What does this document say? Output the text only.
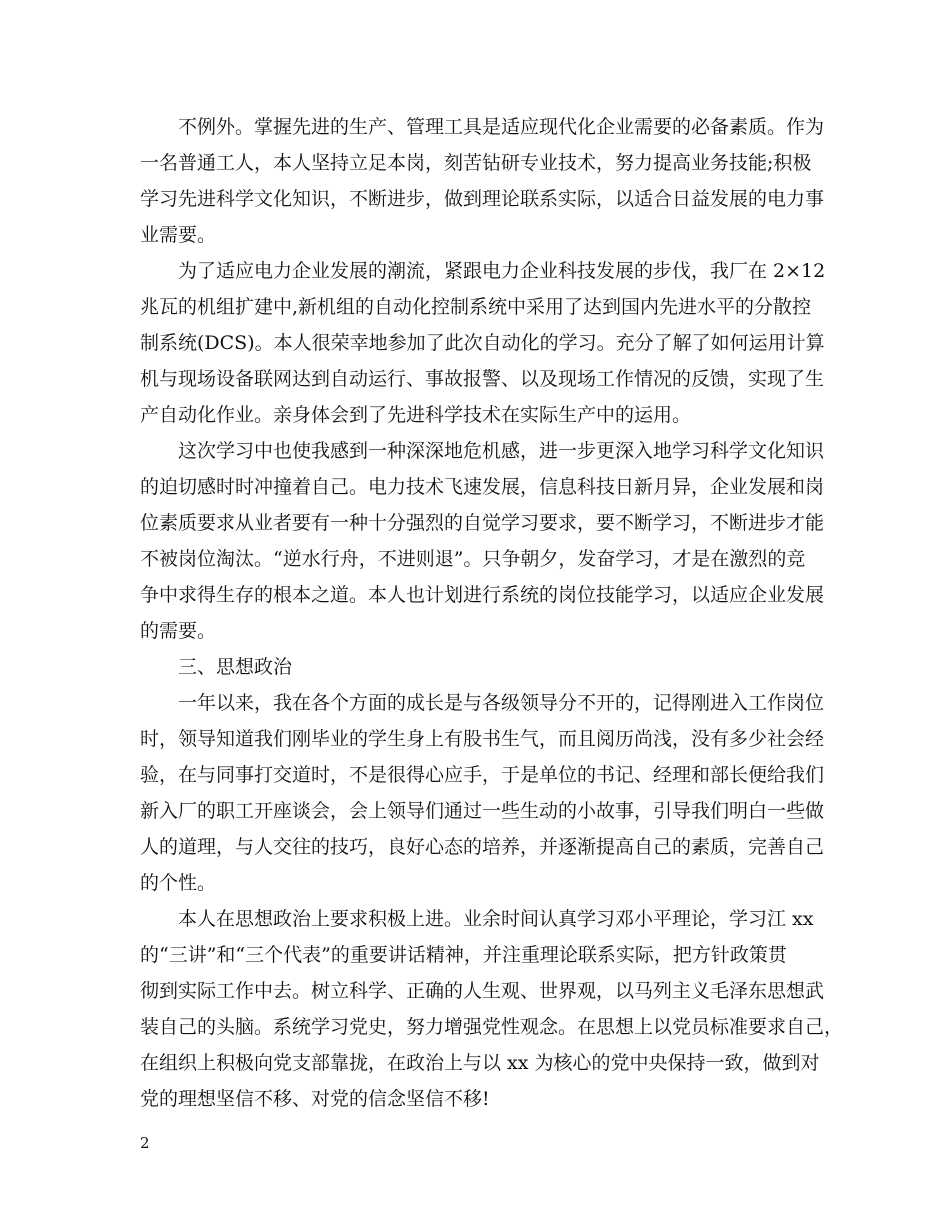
　　不例外。掌握先进的生产、管理工具是适应现代化企业需要的必备素质。作为
一名普通工人，本人坚持立足本岗，刻苦钻研专业技术，努力提高业务技能;积极
学习先进科学文化知识，不断进步，做到理论联系实际，以适合日益发展的电力事
业需要。
　　为了适应电力企业发展的潮流，紧跟电力企业科技发展的步伐，我厂在 2×12
兆瓦的机组扩建中,新机组的自动化控制系统中采用了达到国内先进水平的分散控
制系统(DCS)。本人很荣幸地参加了此次自动化的学习。充分了解了如何运用计算
机与现场设备联网达到自动运行、事故报警、以及现场工作情况的反馈，实现了生
产自动化作业。亲身体会到了先进科学技术在实际生产中的运用。
　　这次学习中也使我感到一种深深地危机感，进一步更深入地学习科学文化知识
的迫切感时时冲撞着自己。电力技术飞速发展，信息科技日新月异，企业发展和岗
位素质要求从业者要有一种十分强烈的自觉学习要求，要不断学习，不断进步才能
不被岗位淘汰。“逆水行舟，不进则退”。只争朝夕，发奋学习，才是在激烈的竞
争中求得生存的根本之道。本人也计划进行系统的岗位技能学习，以适应企业发展
的需要。
　　三、思想政治
　　一年以来，我在各个方面的成长是与各级领导分不开的，记得刚进入工作岗位
时，领导知道我们刚毕业的学生身上有股书生气，而且阅历尚浅，没有多少社会经
验，在与同事打交道时，不是很得心应手，于是单位的书记、经理和部长便给我们
新入厂的职工开座谈会，会上领导们通过一些生动的小故事，引导我们明白一些做
人的道理，与人交往的技巧，良好心态的培养，并逐渐提高自己的素质，完善自己
的个性。
　　本人在思想政治上要求积极上进。业余时间认真学习邓小平理论，学习江 xx
的“三讲”和“三个代表”的重要讲话精神，并注重理论联系实际，把方针政策贯
彻到实际工作中去。树立科学、正确的人生观、世界观，以马列主义毛泽东思想武
装自己的头脑。系统学习党史，努力增强党性观念。在思想上以党员标准要求自己，
在组织上积极向党支部靠拢，在政治上与以 xx 为核心的党中央保持一致，做到对
党的理想坚信不移、对党的信念坚信不移!
2
